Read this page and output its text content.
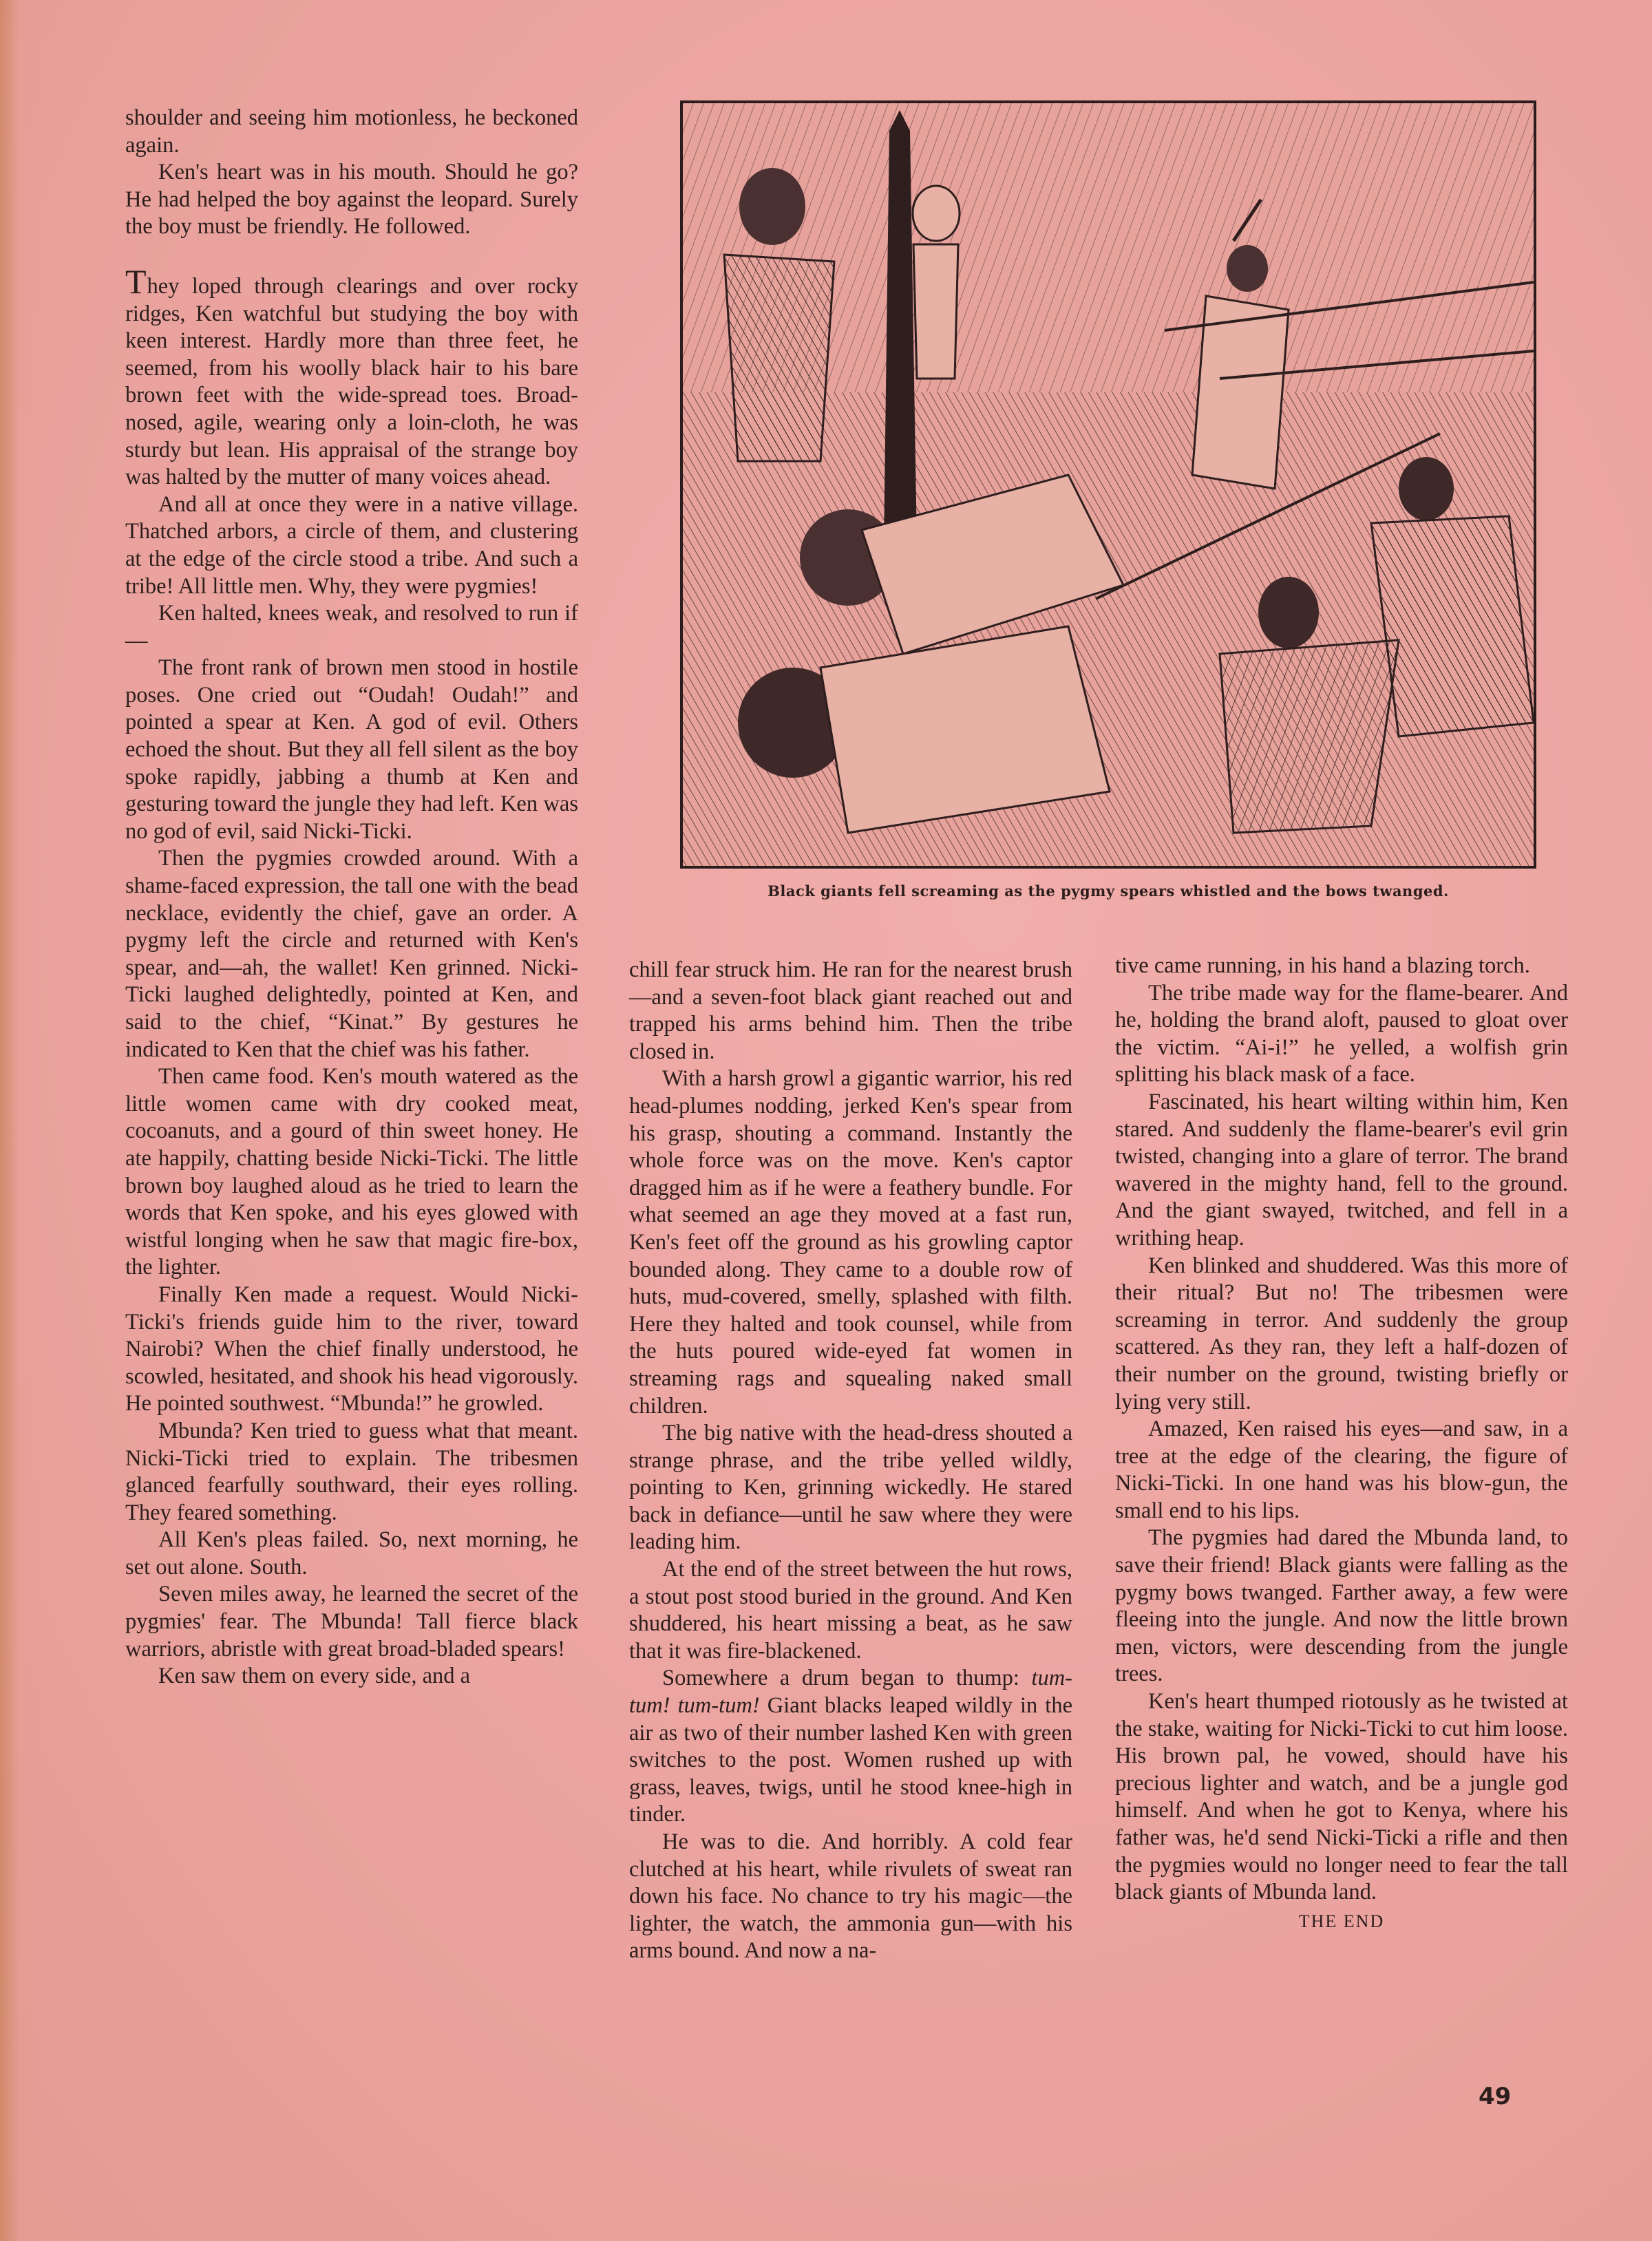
shoulder and seeing him motionless, he beckoned again.

Ken's heart was in his mouth. Should he go? He had helped the boy against the leopard. Surely the boy must be friendly. He followed.

They loped through clearings and over rocky ridges, Ken watchful but studying the boy with keen interest. Hardly more than three feet, he seemed, from his woolly black hair to his bare brown feet with the wide-spread toes. Broad-nosed, agile, wearing only a loin-cloth, he was sturdy but lean. His appraisal of the strange boy was halted by the mutter of many voices ahead.

And all at once they were in a native village. Thatched arbors, a circle of them, and clustering at the edge of the circle stood a tribe. And such a tribe! All little men. Why, they were pygmies!

Ken halted, knees weak, and resolved to run if—

The front rank of brown men stood in hostile poses. One cried out “Oudah! Oudah!” and pointed a spear at Ken. A god of evil. Others echoed the shout. But they all fell silent as the boy spoke rapidly, jabbing a thumb at Ken and gesturing toward the jungle they had left. Ken was no god of evil, said Nicki-Ticki.

Then the pygmies crowded around. With a shame-faced expression, the tall one with the bead necklace, evidently the chief, gave an order. A pygmy left the circle and returned with Ken's spear, and—ah, the wallet! Ken grinned. Nicki-Ticki laughed delightedly, pointed at Ken, and said to the chief, “Kinat.” By gestures he indicated to Ken that the chief was his father.

Then came food. Ken's mouth watered as the little women came with dry cooked meat, cocoanuts, and a gourd of thin sweet honey. He ate happily, chatting beside Nicki-Ticki. The little brown boy laughed aloud as he tried to learn the words that Ken spoke, and his eyes glowed with wistful longing when he saw that magic fire-box, the lighter.

Finally Ken made a request. Would Nicki-Ticki's friends guide him to the river, toward Nairobi? When the chief finally understood, he scowled, hesitated, and shook his head vigorously. He pointed southwest. “Mbunda!” he growled.

Mbunda? Ken tried to guess what that meant. Nicki-Ticki tried to explain. The tribesmen glanced fearfully southward, their eyes rolling. They feared something.

All Ken's pleas failed. So, next morning, he set out alone. South.

Seven miles away, he learned the secret of the pygmies' fear. The Mbunda! Tall fierce black warriors, abristle with great broad-bladed spears!

Ken saw them on every side, and a

Black giants fell screaming as the pygmy spears whistled and the bows twanged.

chill fear struck him. He ran for the nearest brush—and a seven-foot black giant reached out and trapped his arms behind him. Then the tribe closed in.

With a harsh growl a gigantic warrior, his red head-plumes nodding, jerked Ken's spear from his grasp, shouting a command. Instantly the whole force was on the move. Ken's captor dragged him as if he were a feathery bundle. For what seemed an age they moved at a fast run, Ken's feet off the ground as his growling captor bounded along. They came to a double row of huts, mud-covered, smelly, splashed with filth. Here they halted and took counsel, while from the huts poured wide-eyed fat women in streaming rags and squealing naked small children.

The big native with the head-dress shouted a strange phrase, and the tribe yelled wildly, pointing to Ken, grinning wickedly. He stared back in defiance—until he saw where they were leading him.

At the end of the street between the hut rows, a stout post stood buried in the ground. And Ken shuddered, his heart missing a beat, as he saw that it was fire-blackened.

Somewhere a drum began to thump: tum-tum! tum-tum! Giant blacks leaped wildly in the air as two of their number lashed Ken with green switches to the post. Women rushed up with grass, leaves, twigs, until he stood knee-high in tinder.

He was to die. And horribly. A cold fear clutched at his heart, while rivulets of sweat ran down his face. No chance to try his magic—the lighter, the watch, the ammonia gun—with his arms bound. And now a na-

tive came running, in his hand a blazing torch.

The tribe made way for the flame-bearer. And he, holding the brand aloft, paused to gloat over the victim. “Ai-i!” he yelled, a wolfish grin splitting his black mask of a face.

Fascinated, his heart wilting within him, Ken stared. And suddenly the flame-bearer's evil grin twisted, changing into a glare of terror. The brand wavered in the mighty hand, fell to the ground. And the giant swayed, twitched, and fell in a writhing heap.

Ken blinked and shuddered. Was this more of their ritual? But no! The tribesmen were screaming in terror. And suddenly the group scattered. As they ran, they left a half-dozen of their number on the ground, twisting briefly or lying very still.

Amazed, Ken raised his eyes—and saw, in a tree at the edge of the clearing, the figure of Nicki-Ticki. In one hand was his blow-gun, the small end to his lips.

The pygmies had dared the Mbunda land, to save their friend! Black giants were falling as the pygmy bows twanged. Farther away, a few were fleeing into the jungle. And now the little brown men, victors, were descending from the jungle trees.

Ken's heart thumped riotously as he twisted at the stake, waiting for Nicki-Ticki to cut him loose. His brown pal, he vowed, should have his precious lighter and watch, and be a jungle god himself. And when he got to Kenya, where his father was, he'd send Nicki-Ticki a rifle and then the pygmies would no longer need to fear the tall black giants of Mbunda land.

THE END
49
